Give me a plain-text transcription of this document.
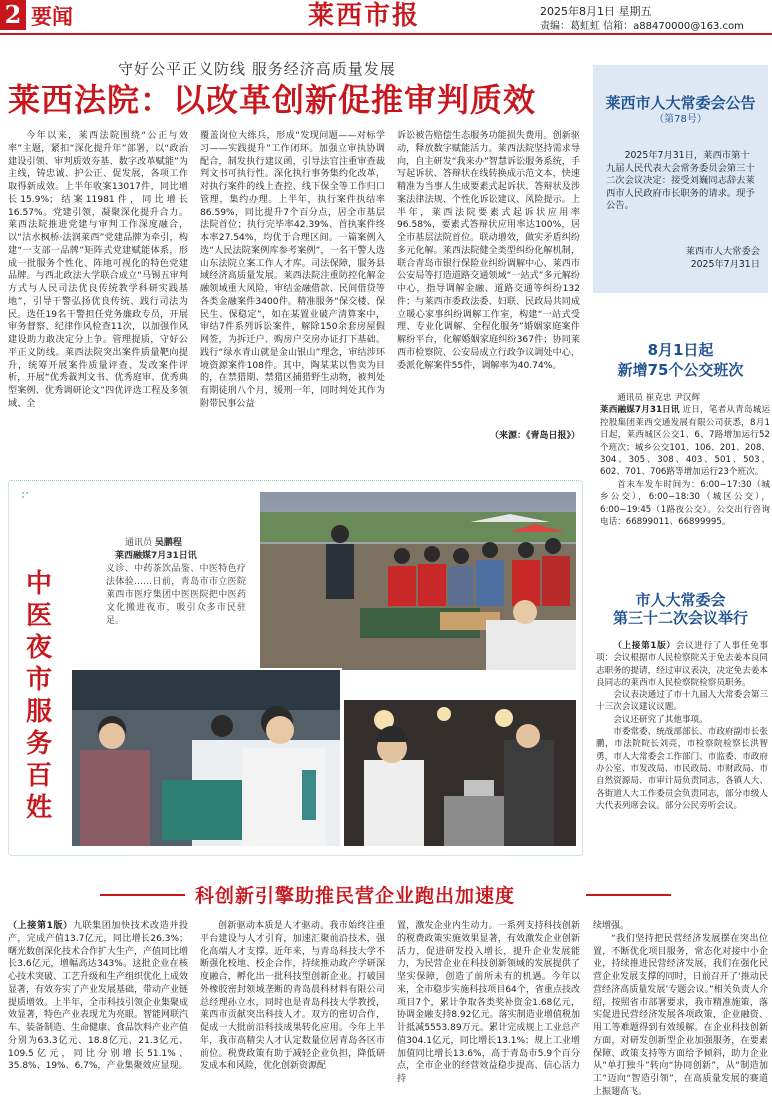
2 要闻	莱西市报	2025年8月1日 星期五
责编：葛虹虹 信箱：a88470000@163.com
守好公平正义防线 服务经济高质量发展
莱西法院：以改革创新促推审判质效

今年以来，莱西法院围绕“公正与效率”主题，紧扣“深化提升年”部署，以“政治建设引领、审判质效夯基、数字改革赋能”为主线，铸忠诚、护公正、促发展，各项工作取得新成效。上半年收案13017件，同比增长15.9%；结案11981件，同比增长16.57%。党建引领，凝聚深化提升合力。莱西法院推进党建与审判工作深度融合，以“沽水枫桥·法润莱西”党建品牌为牵引，构建“一支部一品牌”矩阵式党建赋能体系，形成一批服务个性化、阵地可视化的特色党建品牌。与西北政法大学联合成立“马锡五审判方式与人民司法优良传统教学科研实践基地”，引导干警弘扬优良传统、践行司法为民。选任19名干警担任党务廉政专员，开展审务督察、纪律作风检查11次，以加强作风建设助力敢决定分上争。管理提质，守好公平正义防线。莱西法院突出案件质量靶向提升，统筹开展案件质量评查、发改案件评析，开展“优秀裁判文书、优秀庭审、优秀典型案例、优秀调研论文”四优评选工程及多领域、全

覆盖岗位大练兵，形成“发现问题——对标学习——实践提升”工作闭环。加强立审执协调配合，制发执行建议函，引导法官注重审查裁判文书可执行性。深化执行事务集约化改革，对执行案件的线上查控、线下保全等工作归口管理，集约办理。上半年，执行案件执结率86.59%，同比提升7个百分点，居全市基层法院首位；执行完毕率42.39%、首执案件终本率27.54%，均优于合理区间。一篇案例入选“人民法院案例库参考案例”，一名干警人选山东法院立案工作人才库。司法保障，服务县域经济高质量发展。莱西法院注重防控化解金融领域重大风险，审结金融借款、民间借贷等各类金融案件3400件。精准服务“保交楼、保民生、保稳定”，如在某置业破产清算案中，审结7件系列诉讼案件，解除150余套房屋假网签，为拆迁户、购房户交房办证打下基础。践行“绿水青山就是金山银山”理念，审结涉环境资源案件108件。其中，陶某某以售卖为目的，在禁猎期、禁猎区捕猎野生动物，被判处有期徒刑八个月，缓刑一年，同时判处其作为附带民事公益

诉讼被告赔偿生态服务功能损失费用。创新驱动，释放数字赋能活力。莱西法院坚持需求导向，自主研发“我来办”智慧诉讼服务系统，手写起诉状、答辩状在线转换成示范文本，快速精准为当事人生成要素式起诉状、答辩状及涉案法律法规、个性化诉讼建议、风险提示。上半年，莱西法院要素式起诉状应用率96.58%，要素式答辩状应用率达100%，居全市基层法院首位。联动增效，做实矛盾纠纷多元化解。莱西法院健全类型纠纷化解机制，联合青岛市银行保险业纠纷调解中心、莱西市公安局等打造道路交通领域“一站式”多元解纷中心，指导调解金融、道路交通等纠纷132件；与莱西市委政法委、妇联、民政局共同成立暖心家事纠纷调解工作室，构建“一站式受理、专业化调解、全程化服务”婚姻家庭案件解纷平台，化解婚姻家庭纠纷367件；协同莱西市检察院、公安局成立行政争议调处中心，委派化解案件55件，调解率为40.74%。

（来源：《青岛日报》）
莱西市人大常委会公告
（第78号）

2025年7月31日，莱西市第十九届人民代表大会常务委员会第三十二次会议决定：接受刘巍同志辞去莱西市人民政府市长职务的请求。现予公告。

莱西市人大常委会
2025年7月31日
8月1日起
新增75个公交班次
通讯员 崔克忠 尹汉辉
莱西融媒7月31日讯 近日，笔者从青岛城运控股集团莱西交通发展有限公司获悉，8月1日起，莱西城区公交1、6、7路增加运行52个班次；城乡公交101、106、201、208、304、305、308、403、501、503、602、701、706路等增加运行23个班次。
首末车发车时间为：6:00−17:30（城乡公交），6:00−18:30（城区公交），6:00−19:45（1路夜公交）。公交出行咨询电话：66899011、66899995。
市人大常委会
第三十二次会议举行
（上接第1版）会议进行了人事任免事项：会议根据市人民检察院关于免去姜本良同志职务的提请，经过审议表决，决定免去姜本良同志的莱西市人民检察院检察员职务。
会议表决通过了市十九届人大常委会第三十三次会议建议议题。
会议还研究了其他事项。
市委常委、统战部部长、市政府副市长张鹏，市法院院长刘亮，市检察院检察长洪智勇，市人大常委会工作部门、市监委、市政府办公室、市发改局、市民政局、市财政局、市自然资源局、市审计局负责同志，各镇人大、各街道人大工作委员会负责同志，部分市级人大代表列席会议。部分公民旁听会议。
中医夜市服务百姓
通讯员 吴鹏程
莱西融媒7月31日讯
义诊、中药茶饮品鉴、中医特色疗法体验……日前，青岛市市立医院莱西市医疗集团中医医院把中医药文化搬进夜市，吸引众多市民驻足。
科创新引擎助推民营企业跑出加速度
（上接第1版）九联集团加快技术改造并投产，完成产值13.7亿元，同比增长26.3%；曙光数创深化技术合作扩大生产，产值同比增长3.6亿元，增幅高达343%。这批企业在核心技术突破、工艺升级和生产组织优化上成效显著，有效夯实了产业发展基础，带动产业链提质增效。上半年，全市科技引领企业集聚成效显著，特色产业表现尤为亮眼。智能网联汽车、装备制造、生命健康、食品饮料产业产值分别为63.3亿元、18.8亿元、21.3亿元、109.5亿元，同比分别增长51.1%、35.8%、19%、6.7%，产业集聚效应显现。

创新驱动本质是人才驱动。我市始终注重平台建设与人才引育，加速汇聚前沿技术，强化高端人才支撑。近年来，与青岛科技大学不断强化校地、校企合作，持续推动政产学研深度融合，孵化出一批科技型创新企业。打破国外橡胶密封领域垄断的青岛晨科材料有限公司总经理孙立水，同时也是青岛科技大学教授，莱西市贡献突出科技人才。双方的密切合作，促成一大批前沿科技成果转化应用。今年上半年，我市高精尖人才认定数量位居青岛各区市前位。税费政策有助于减轻企业负担，降低研发成本和风险，优化创新资源配

置，激发企业内生动力。一系列支持科技创新的税费政策实施效果显著，有效激发企业创新活力，促进研发投入增长，提升企业发展能力，为民营企业在科技创新领域的发展提供了坚实保障，创造了前所未有的机遇。今年以来，全市稳步实施科技项目64个，省重点技改项目7个，累计争取各类奖补资金1.68亿元，协调金融支持8.92亿元。落实制造业增值税加计抵减5553.89万元。累计完成规上工业总产值304.1亿元，同比增长13.1%；规上工业增加值同比增长13.6%，高于青岛市5.9个百分点，全市企业的经营效益稳步提高、信心活力持

续增强。

“我们坚持把民营经济发展摆在突出位置，不断优化项目服务，常态化对接中小企业，持续推进民营经济发展，我们在强化民营企业发展支撑的同时，日前召开了‘推动民营经济高质量发展’专题会议。”相关负责人介绍，按照省市部署要求，我市精准施策，落实促进民营经济发展各项政策，企业融资、用工等难题得到有效缓解。在企业科技创新方面，对研发创新型企业加强服务，在要素保障、政策支持等方面给予倾斜，助力企业从“单打独斗”转向“协同创新”，从“制造加工”迈向“智造引领”，在高质量发展的赛道上振翅高飞。
